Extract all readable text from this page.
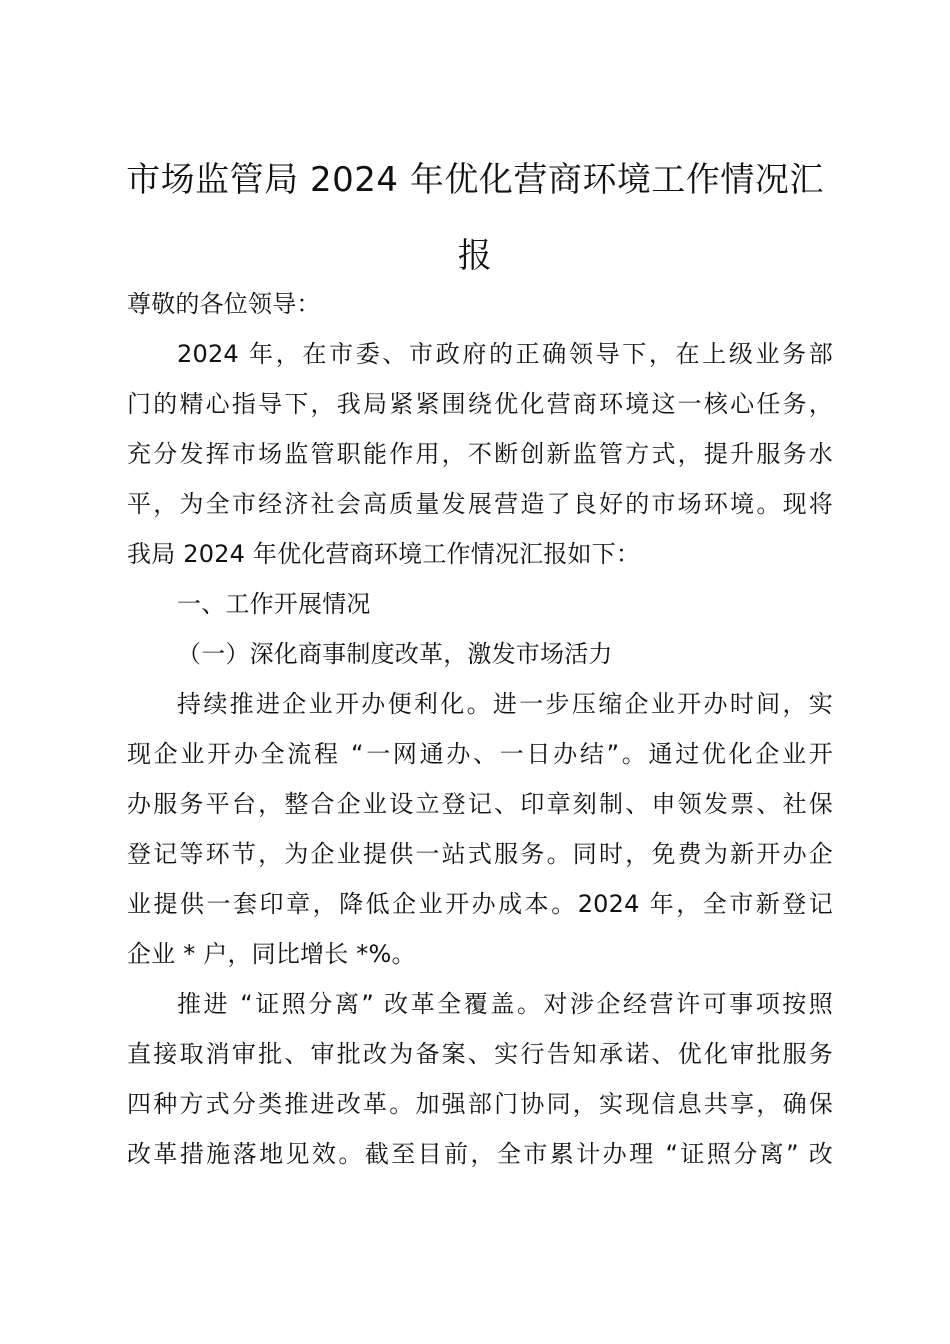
市场监管局 2024 年优化营商环境工作情况汇
报
尊敬的各位领导：
2024 年，在市委、市政府的正确领导下，在上级业务部
门的精心指导下，我局紧紧围绕优化营商环境这一核心任务，
充分发挥市场监管职能作用，不断创新监管方式，提升服务水
平，为全市经济社会高质量发展营造了良好的市场环境。现将
我局 2024 年优化营商环境工作情况汇报如下：
一、工作开展情况
（一）深化商事制度改革，激发市场活力
持续推进企业开办便利化。进一步压缩企业开办时间，实
现企业开办全流程 “一网通办、一日办结”。通过优化企业开
办服务平台，整合企业设立登记、印章刻制、申领发票、社保
登记等环节，为企业提供一站式服务。同时，免费为新开办企
业提供一套印章，降低企业开办成本。2024 年，全市新登记
企业 * 户，同比增长 *%。
推进 “证照分离” 改革全覆盖。对涉企经营许可事项按照
直接取消审批、审批改为备案、实行告知承诺、优化审批服务
四种方式分类推进改革。加强部门协同，实现信息共享，确保
改革措施落地见效。截至目前，全市累计办理 “证照分离” 改
